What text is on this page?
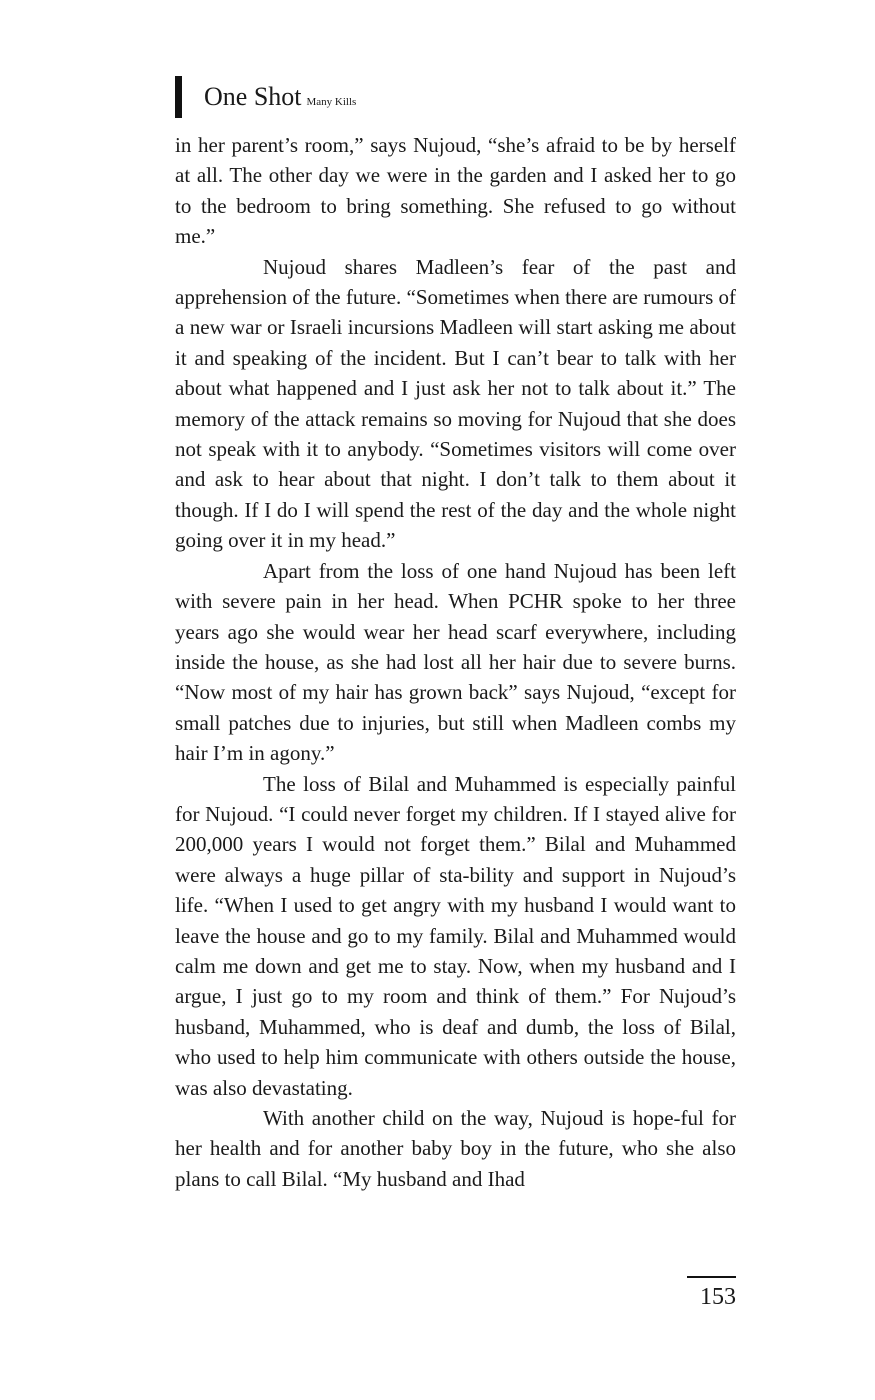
One Shot Many Kills

in her parent’s room,” says Nujoud, “she’s afraid to be by herself at all. The other day we were in the garden and I asked her to go to the bedroom to bring something. She refused to go without me.”

Nujoud shares Madleen’s fear of the past and apprehension of the future. “Sometimes when there are rumours of a new war or Israeli incursions Madleen will start asking me about it and speaking of the incident. But I can’t bear to talk with her about what happened and I just ask her not to talk about it.” The memory of the attack remains so moving for Nujoud that she does not speak with it to anybody. “Sometimes visitors will come over and ask to hear about that night. I don’t talk to them about it though. If I do I will spend the rest of the day and the whole night going over it in my head.”

Apart from the loss of one hand Nujoud has been left with severe pain in her head. When PCHR spoke to her three years ago she would wear her head scarf everywhere, including inside the house, as she had lost all her hair due to severe burns. “Now most of my hair has grown back” says Nujoud, “except for small patches due to injuries, but still when Madleen combs my hair I’m in agony.”

The loss of Bilal and Muhammed is especially painful for Nujoud. “I could never forget my children. If I stayed alive for 200,000 years I would not forget them.” Bilal and Muhammed were always a huge pillar of sta-bility and support in Nujoud’s life. “When I used to get angry with my husband I would want to leave the house and go to my family. Bilal and Muhammed would calm me down and get me to stay. Now, when my husband and I argue, I just go to my room and think of them.” For Nujoud’s husband, Muhammed, who is deaf and dumb, the loss of Bilal, who used to help him communicate with others outside the house, was also devastating.

With another child on the way, Nujoud is hope-ful for her health and for another baby boy in the future, who she also plans to call Bilal. “My husband and Ihad

153
